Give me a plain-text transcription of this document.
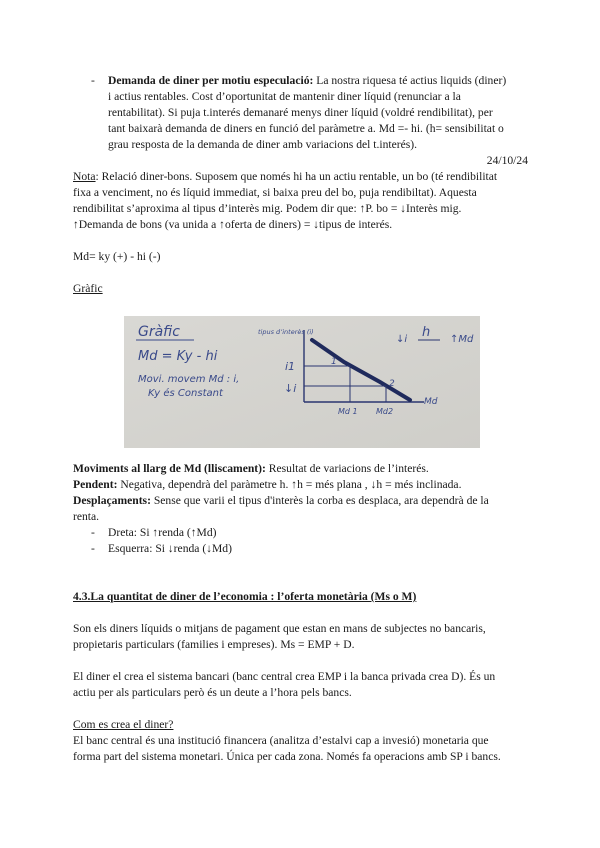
- Demanda de diner per motiu especulació: La nostra riquesa té actius liquids (diner)
i actius rentables. Cost d’oportunitat de mantenir diner líquid (renunciar a la
rentabilitat). Si puja t.interés demanaré menys diner líquid (voldré rendibilitat), per
tant baixarà demanda de diners en funció del paràmetre a. Md =- hi. (h= sensibilitat o
grau resposta de la demanda de diner amb variacions del t.interés).
24/10/24
Nota: Relació diner-bons. Suposem que només hi ha un actiu rentable, un bo (té rendibilitat
fixa a venciment, no és líquid immediat, si baixa preu del bo, puja rendibiltat). Aquesta
rendibilitat s’aproxima al tipus d’interès mig. Podem dir que: ↑P. bo = ↓Interès mig.
↑Demanda de bons (va unida a ↑oferta de diners) = ↓tipus de interés.
Md= ky (+) - hi (-)
Gràfic
Gràfic
Md = Ky - hi
Movi. movem Md : i,
Ky és Constant
tipus d’interès (i)
i1
↓i
1
2
Md 1 Md2
Md
↓i h ↑Md
Moviments al llarg de Md (lliscament): Resultat de variacions de l’interés.
Pendent: Negativa, dependrà del paràmetre h. ↑h = més plana , ↓h = més inclinada.
Desplaçaments: Sense que varii el tipus d'interès la corba es desplaca, ara dependrà de la
renta.
- Dreta: Si ↑renda (↑Md)
- Esquerra: Si ↓renda (↓Md)
4.3.La quantitat de diner de l’economia : l’oferta monetària (Ms o M)
Son els diners líquids o mitjans de pagament que estan en mans de subjectes no bancaris,
propietaris particulars (families i empreses). Ms = EMP + D.
El diner el crea el sistema bancari (banc central crea EMP i la banca privada crea D). És un
actiu per als particulars però és un deute a l’hora pels bancs.
Com es crea el diner?
El banc central és una institució financera (analitza d’estalvi cap a invesió) monetaria que
forma part del sistema monetari. Única per cada zona. Només fa operacions amb SP i bancs.
